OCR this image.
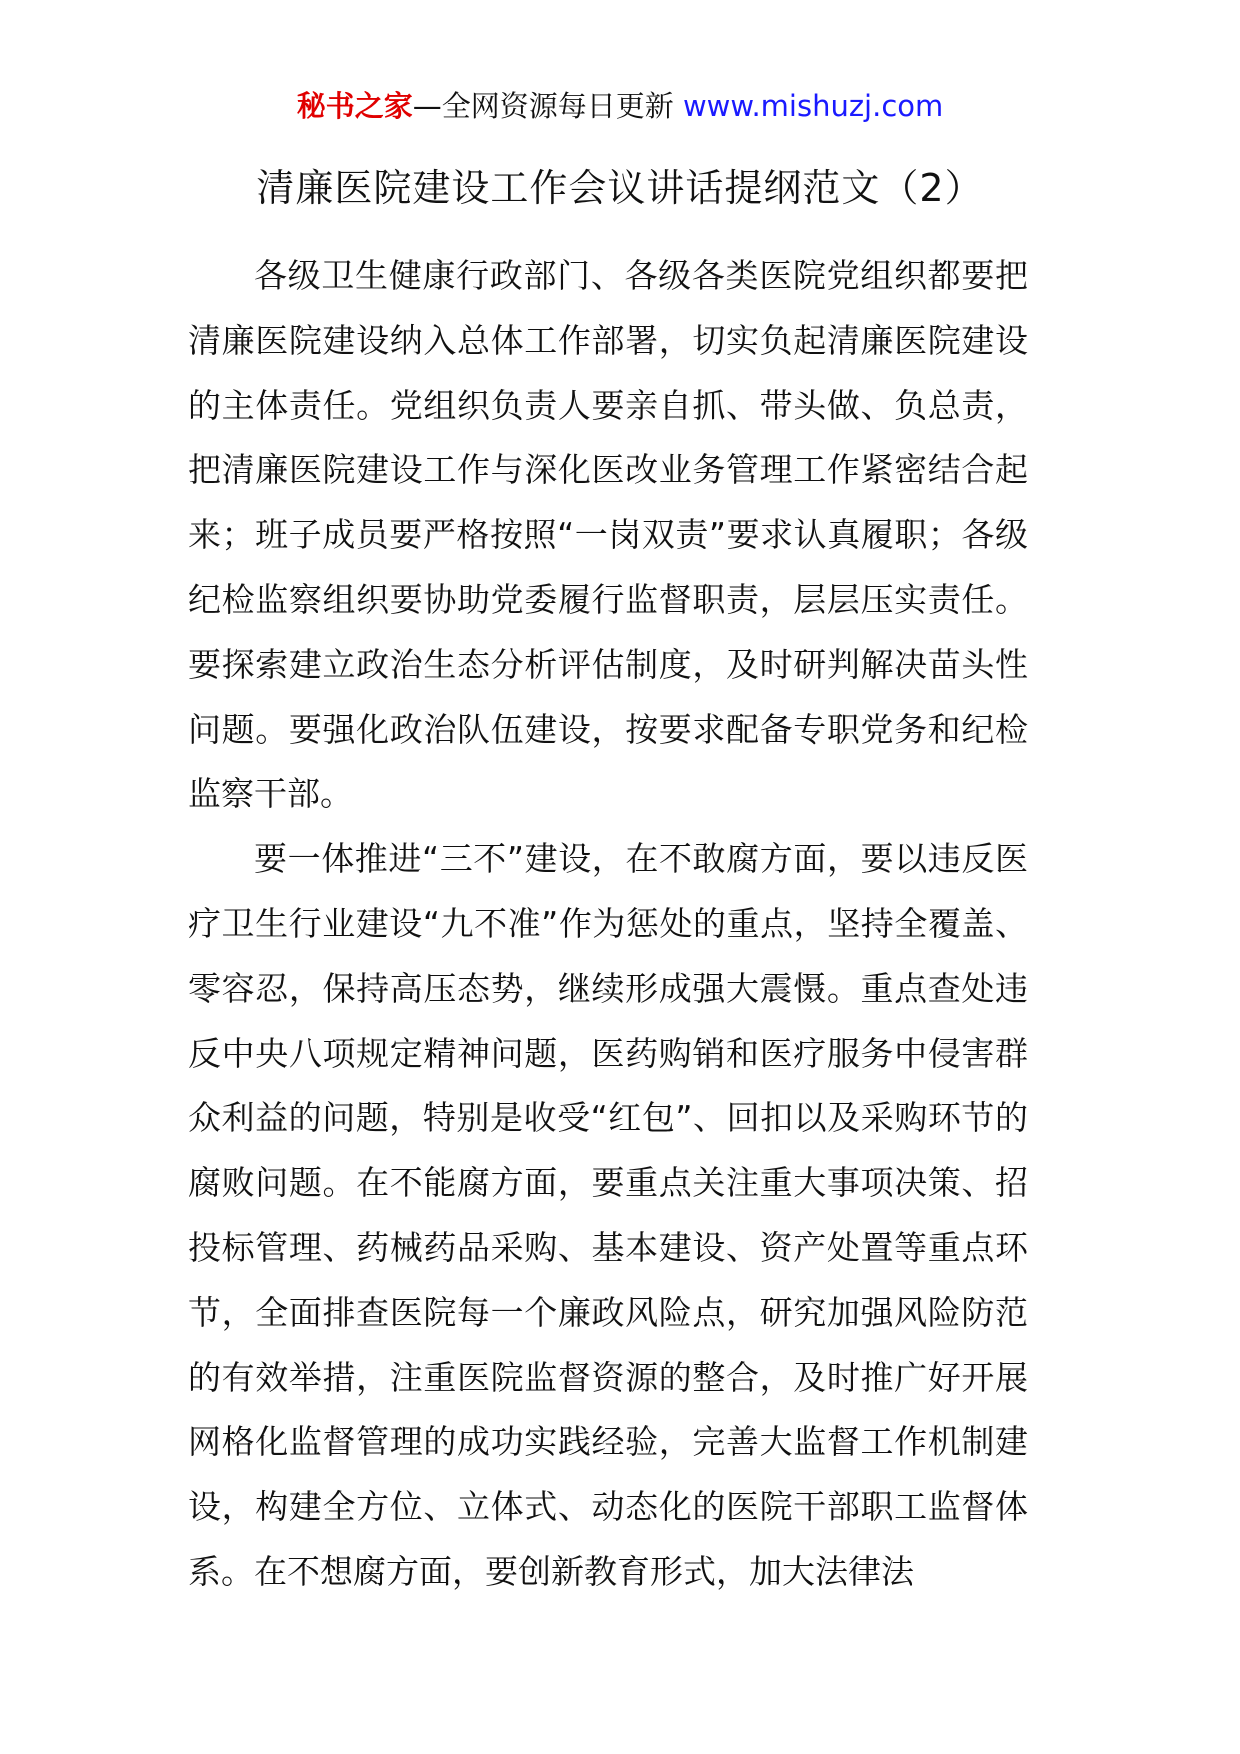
秘书之家—全网资源每日更新 www.mishuzj.com
清廉医院建设工作会议讲话提纲范文（2）

各级卫生健康行政部门、各级各类医院党组织都要把清廉医院建设纳入总体工作部署，切实负起清廉医院建设的主体责任。党组织负责人要亲自抓、带头做、负总责，把清廉医院建设工作与深化医改业务管理工作紧密结合起来；班子成员要严格按照“一岗双责”要求认真履职；各级纪检监察组织要协助党委履行监督职责，层层压实责任。要探索建立政治生态分析评估制度，及时研判解决苗头性问题。要强化政治队伍建设，按要求配备专职党务和纪检监察干部。

要一体推进“三不”建设，在不敢腐方面，要以违反医疗卫生行业建设“九不准”作为惩处的重点，坚持全覆盖、零容忍，保持高压态势，继续形成强大震慑。重点查处违反中央八项规定精神问题，医药购销和医疗服务中侵害群众利益的问题，特别是收受“红包”、回扣以及采购环节的腐败问题。在不能腐方面，要重点关注重大事项决策、招投标管理、药械药品采购、基本建设、资产处置等重点环节，全面排查医院每一个廉政风险点，研究加强风险防范的有效举措，注重医院监督资源的整合，及时推广好开展网格化监督管理的成功实践经验，完善大监督工作机制建设，构建全方位、立体式、动态化的医院干部职工监督体系。在不想腐方面，要创新教育形式，加大法律法
